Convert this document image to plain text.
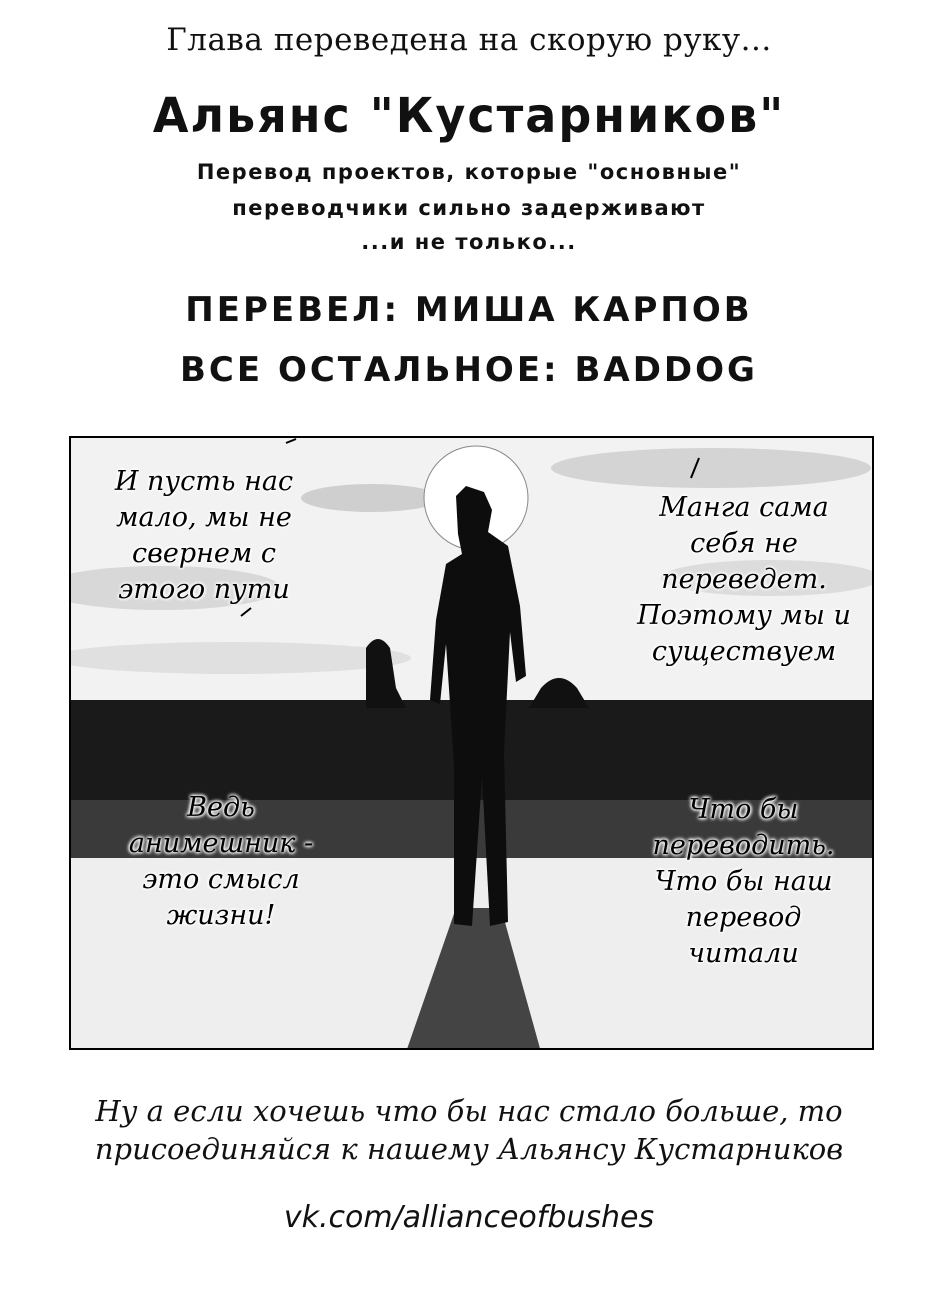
Глава переведена на скорую руку...
Альянс "Кустарников"
Перевод проектов, которые "основные"
переводчики сильно задерживают
...и не только...
ПЕРЕВЕЛ: МИША КАРПОВ
ВСЕ ОСТАЛЬНОЕ: BADDOG
И пусть нас
мало, мы не
свернем с
этого пути
Манга сама
себя не
переведет.
Поэтому мы и
существуем
Ведь
анимешник -
это смысл
жизни!
Что бы
переводить.
Что бы наш
перевод
читали
Ну а если хочешь что бы нас стало больше, то
присоединяйся к нашему Альянсу Кустарников
vk.com/allianceofbushes
